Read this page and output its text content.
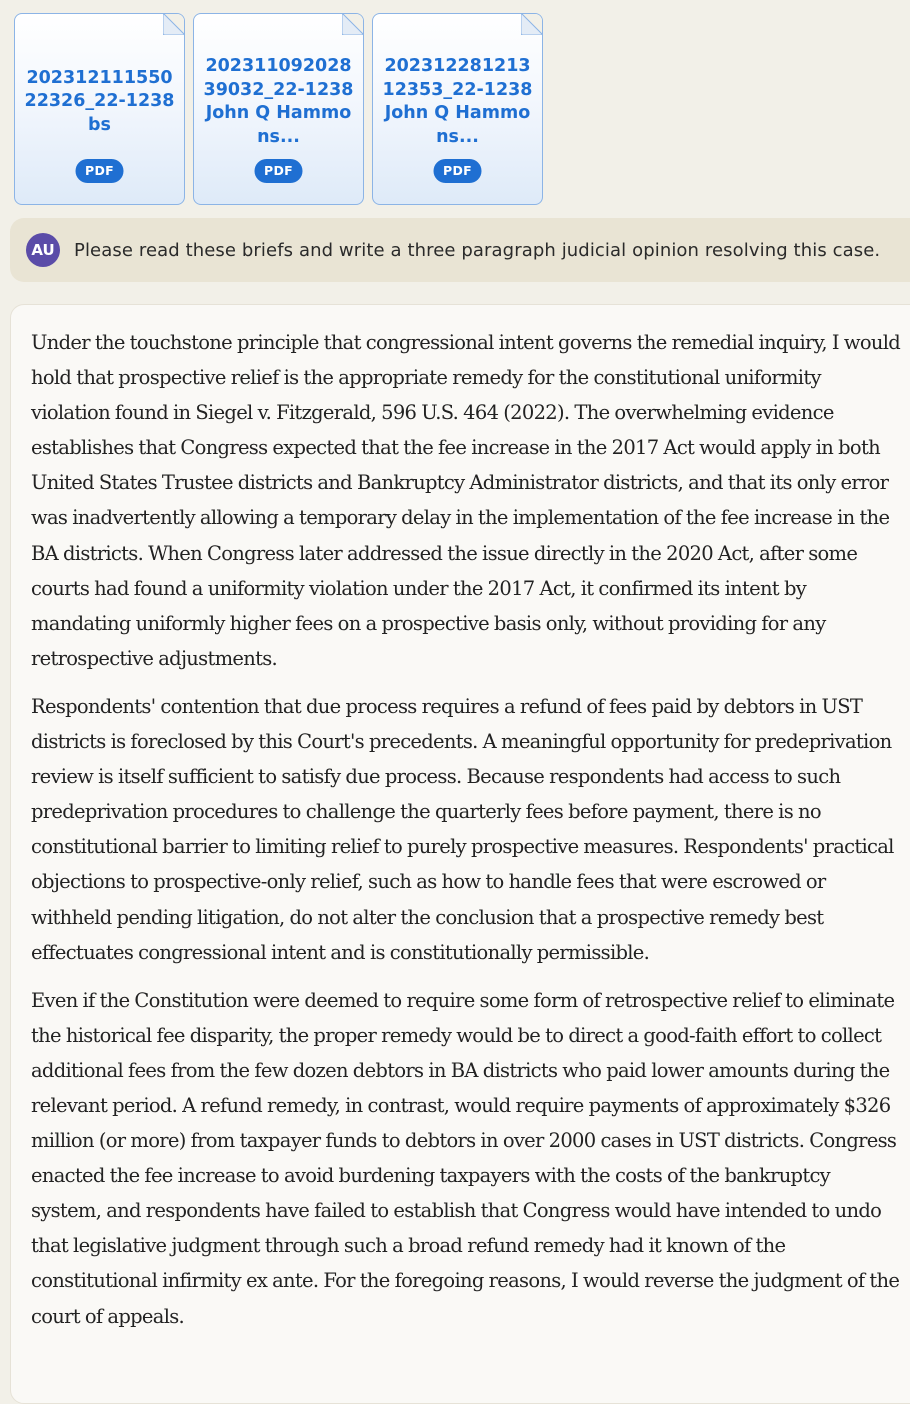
20231211155022326_22-1238 bs
PDF
20231109202839032_22-1238 John Q Hammons...
PDF
20231228121312353_22-1238 John Q Hammons...
PDF
AU Please read these briefs and write a three paragraph judicial opinion resolving this case.

Under the touchstone principle that congressional intent governs the remedial inquiry, I would hold that prospective relief is the appropriate remedy for the constitutional uniformity violation found in Siegel v. Fitzgerald, 596 U.S. 464 (2022). The overwhelming evidence establishes that Congress expected that the fee increase in the 2017 Act would apply in both United States Trustee districts and Bankruptcy Administrator districts, and that its only error was inadvertently allowing a temporary delay in the implementation of the fee increase in the BA districts. When Congress later addressed the issue directly in the 2020 Act, after some courts had found a uniformity violation under the 2017 Act, it confirmed its intent by mandating uniformly higher fees on a prospective basis only, without providing for any retrospective adjustments.

Respondents' contention that due process requires a refund of fees paid by debtors in UST districts is foreclosed by this Court's precedents. A meaningful opportunity for predeprivation review is itself sufficient to satisfy due process. Because respondents had access to such predeprivation procedures to challenge the quarterly fees before payment, there is no constitutional barrier to limiting relief to purely prospective measures. Respondents' practical objections to prospective-only relief, such as how to handle fees that were escrowed or withheld pending litigation, do not alter the conclusion that a prospective remedy best effectuates congressional intent and is constitutionally permissible.

Even if the Constitution were deemed to require some form of retrospective relief to eliminate the historical fee disparity, the proper remedy would be to direct a good-faith effort to collect additional fees from the few dozen debtors in BA districts who paid lower amounts during the relevant period. A refund remedy, in contrast, would require payments of approximately $326 million (or more) from taxpayer funds to debtors in over 2000 cases in UST districts. Congress enacted the fee increase to avoid burdening taxpayers with the costs of the bankruptcy system, and respondents have failed to establish that Congress would have intended to undo that legislative judgment through such a broad refund remedy had it known of the constitutional infirmity ex ante. For the foregoing reasons, I would reverse the judgment of the court of appeals.
